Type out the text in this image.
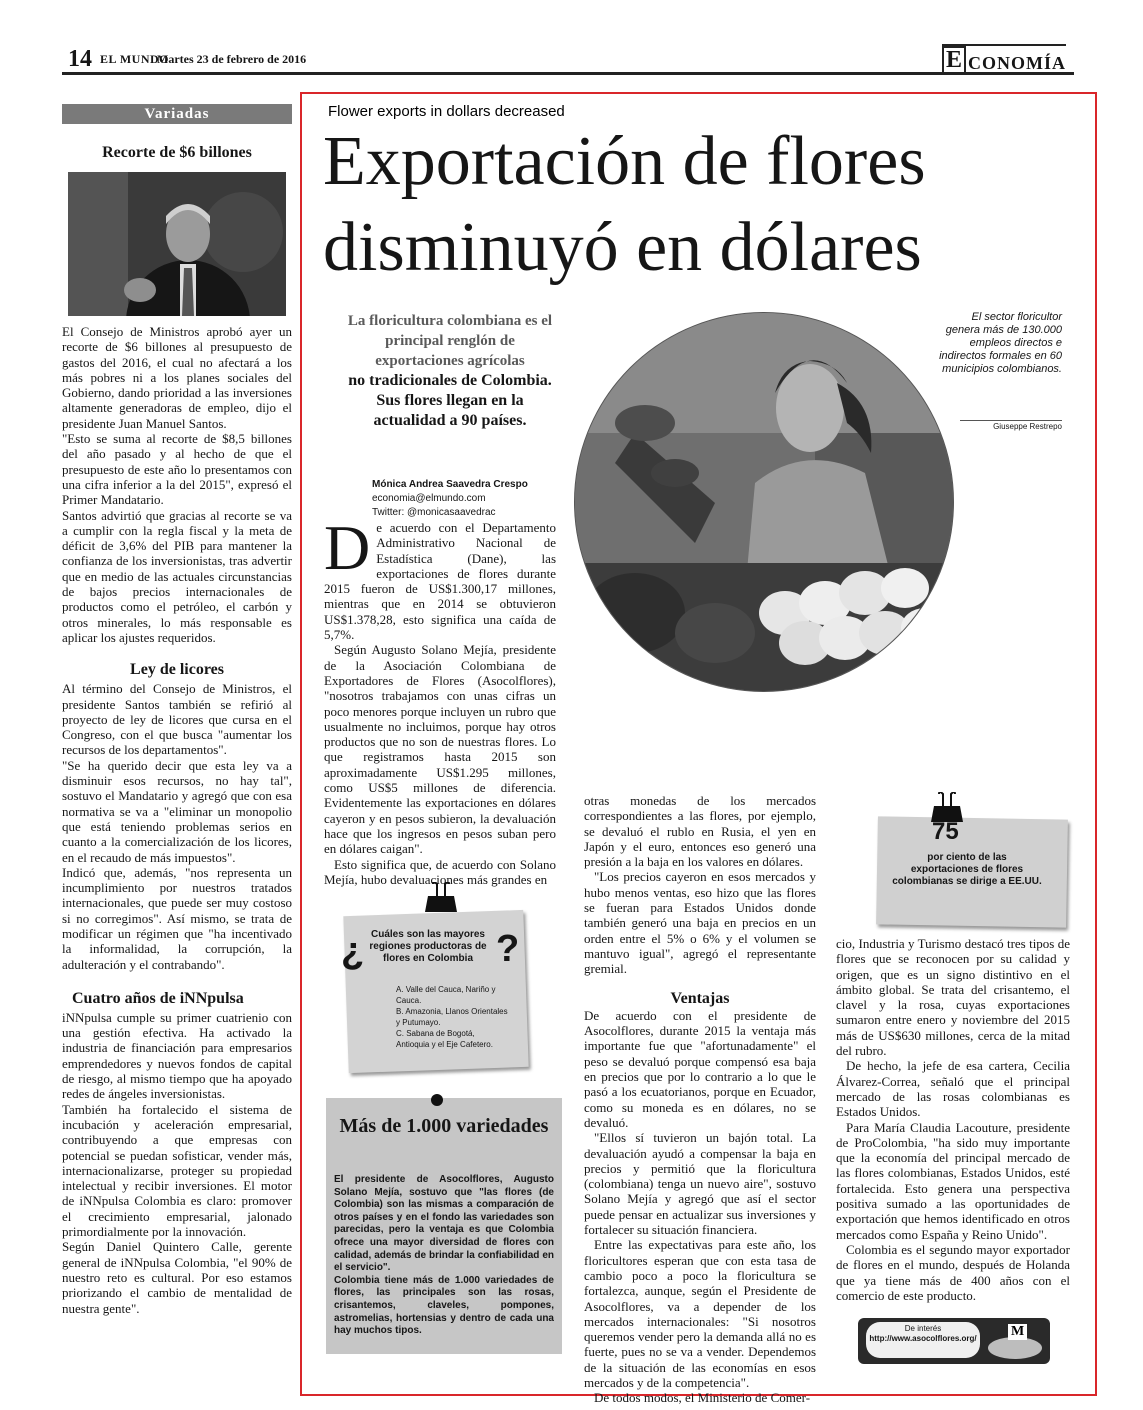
14 EL MUNDO
Martes 23 de febrero de 2016	E CONOMÍA
Variadas
Recorte de $6 billones

El Consejo de Ministros aprobó ayer un recorte de $6 billones al presupuesto de gastos del 2016, el cual no afectará a los más pobres ni a los planes sociales del Gobierno, dando prioridad a las inversiones altamente generadoras de empleo, dijo el presidente Juan Manuel Santos.

"Esto se suma al recorte de $8,5 billones del año pasado y al hecho de que el presupuesto de este año lo presentamos con una cifra inferior a la del 2015", expresó el Primer Mandatario.

Santos advirtió que gracias al recorte se va a cumplir con la regla fiscal y la meta de déficit de 3,6% del PIB para mantener la confianza de los inversionistas, tras advertir que en medio de las actuales circunstancias de bajos precios internacionales de productos como el petróleo, el carbón y otros minerales, lo más responsable es aplicar los ajustes requeridos.

Ley de licores

Al término del Consejo de Ministros, el presidente Santos también se refirió al proyecto de ley de licores que cursa en el Congreso, con el que busca "aumentar los recursos de los departamentos".

"Se ha querido decir que esta ley va a disminuir esos recursos, no hay tal", sostuvo el Mandatario y agregó que con esa normativa se va a "eliminar un monopolio que está teniendo problemas serios en cuanto a la comercialización de los licores, en el recaudo de más impuestos".

Indicó que, además, "nos representa un incumplimiento por nuestros tratados internacionales, que puede ser muy costoso si no corregimos". Así mismo, se trata de modificar un régimen que "ha incentivado la informalidad, la corrupción, la adulteración y el contrabando".

Cuatro años de iNNpulsa

iNNpulsa cumple su primer cuatrienio con una gestión efectiva. Ha activado la industria de financiación para empresarios emprendedores y nuevos fondos de capital de riesgo, al mismo tiempo que ha apoyado redes de ángeles inversionistas.

También ha fortalecido el sistema de incubación y aceleración empresarial, contribuyendo a que empresas con potencial se puedan sofisticar, vender más, internacionalizarse, proteger su propiedad intelectual y recibir inversiones. El motor de iNNpulsa Colombia es claro: promover el crecimiento empresarial, jalonado primordialmente por la innovación.

Según Daniel Quintero Calle, gerente general de iNNpulsa Colombia, "el 90% de nuestro reto es cultural. Por eso estamos priorizando el cambio de mentalidad de nuestra gente".

Flower exports in dollars decreased
Exportación de flores
disminuyó en dólares
La floricultura colombiana es el principal renglón de exportaciones agrícolas
no tradicionales de Colombia. Sus flores llegan en la actualidad a 90 países.
Mónica Andrea Saavedra Crespo
economia@elmundo.com
Twitter: @monicasaavedrac
D e acuerdo con el Departamento Administrativo Nacional de Estadística (Dane), las exportaciones de flores durante 2015 fueron de US$1.300,17 millones, mientras que en 2014 se obtuvieron US$1.378,28, esto significa una caída de 5,7%.

Según Augusto Solano Mejía, presidente de la Asociación Colombiana de Exportadores de Flores (Asocolflores), "nosotros trabajamos con unas cifras un poco menores porque incluyen un rubro que usualmente no incluimos, porque hay otros productos que no son de nuestras flores. Lo que registramos hasta 2015 son aproximadamente US$1.295 millones, como US$5 millones de diferencia. Evidentemente las exportaciones en dólares cayeron y en pesos subieron, la devaluación hace que los ingresos en pesos suban pero en dólares caigan".

Esto significa que, de acuerdo con Solano Mejía, hubo devaluaciones más grandes en

El sector floricultor genera más de 130.000 empleos directos e indirectos formales en 60 municipios colombianos.
Giuseppe Restrepo
75
por ciento de las exportaciones de flores colombianas se dirige a EE.UU.
¿	?
Cuáles son las mayores regiones productoras de flores en Colombia
A. Valle del Cauca, Nariño y Cauca.
B. Amazonia, Llanos Orientales y Putumayo.
C. Sabana de Bogotá, Antioquia y el Eje Cafetero.
Más de 1.000 variedades

El presidente de Asocolflores, Augusto Solano Mejía, sostuvo que "las flores (de Colombia) son las mismas a comparación de otros países y en el fondo las variedades son parecidas, pero la ventaja es que Colombia ofrece una mayor diversidad de flores con calidad, además de brindar la confiabilidad en el servicio".

Colombia tiene más de 1.000 variedades de flores, las principales son las rosas, crisantemos, claveles, pompones, astromelias, hortensias y dentro de cada una hay muchos tipos.

otras monedas de los mercados correspondientes a las flores, por ejemplo, se devaluó el rublo en Rusia, el yen en Japón y el euro, entonces eso generó una presión a la baja en los valores en dólares.

"Los precios cayeron en esos mercados y hubo menos ventas, eso hizo que las flores se fueran para Estados Unidos donde también generó una baja en precios en un orden entre el 5% o 6% y el volumen se mantuvo igual", agregó el representante gremial.

Ventajas

De acuerdo con el presidente de Asocolflores, durante 2015 la ventaja más importante fue que "afortunadamente" el peso se devaluó porque compensó esa baja en precios que por lo contrario a lo que le pasó a los ecuatorianos, porque en Ecuador, como su moneda es en dólares, no se devaluó.

"Ellos sí tuvieron un bajón total. La devaluación ayudó a compensar la baja en precios y permitió que la floricultura (colombiana) tenga un nuevo aire", sostuvo Solano Mejía y agregó que así el sector puede pensar en actualizar sus inversiones y fortalecer su situación financiera.

Entre las expectativas para este año, los floricultores esperan que con esta tasa de cambio poco a poco la floricultura se fortalezca, aunque, según el Presidente de Asocolflores, va a depender de los mercados internacionales: "Si nosotros queremos vender pero la demanda allá no es fuerte, pues no se va a vender. Dependemos de la situación de las economías en esos mercados y de la competencia".

De todos modos, el Ministerio de Comer-

cio, Industria y Turismo destacó tres tipos de flores que se reconocen por su calidad y origen, que es un signo distintivo en el ámbito global. Se trata del crisantemo, el clavel y la rosa, cuyas exportaciones sumaron entre enero y noviembre del 2015 más de US$630 millones, cerca de la mitad del rubro.

De hecho, la jefe de esa cartera, Cecilia Álvarez-Correa, señaló que el principal mercado de las rosas colombianas es Estados Unidos.

Para María Claudia Lacouture, presidente de ProColombia, "ha sido muy importante que la economía del principal mercado de las flores colombianas, Estados Unidos, esté fortalecida. Esto genera una perspectiva positiva sumado a las oportunidades de exportación que hemos identificado en otros mercados como España y Reino Unido".

Colombia es el segundo mayor exportador de flores en el mundo, después de Holanda que ya tiene más de 400 años con el comercio de este producto.

De interés
http://www.asocolflores.org/ M
